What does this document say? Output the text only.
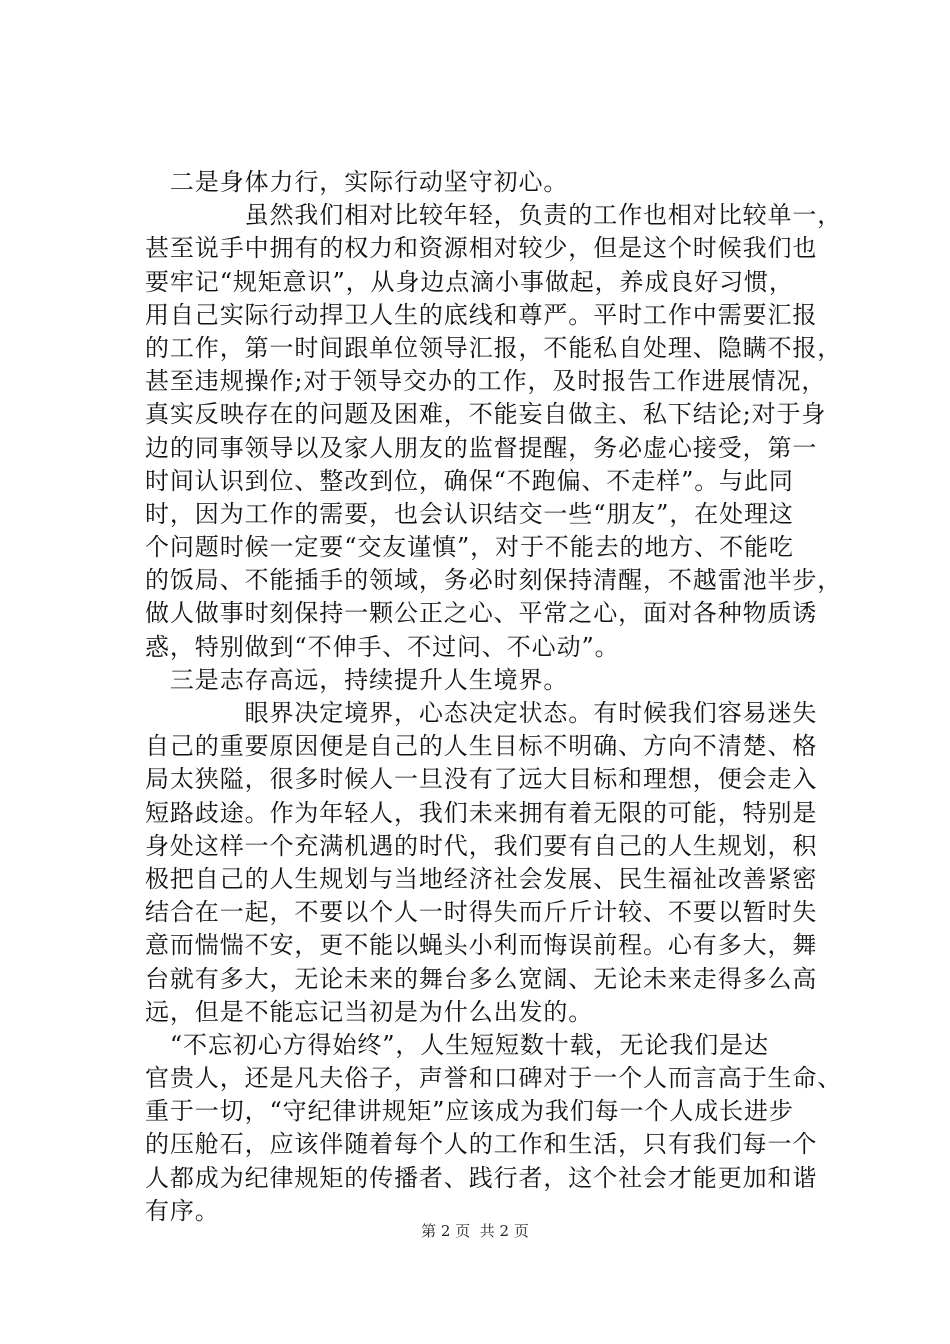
二是身体力行，实际行动坚守初心。
虽然我们相对比较年轻，负责的工作也相对比较单一，
甚至说手中拥有的权力和资源相对较少，但是这个时候我们也
要牢记“规矩意识”，从身边点滴小事做起，养成良好习惯，
用自己实际行动捍卫人生的底线和尊严。平时工作中需要汇报
的工作，第一时间跟单位领导汇报，不能私自处理、隐瞒不报，
甚至违规操作;对于领导交办的工作，及时报告工作进展情况，
真实反映存在的问题及困难，不能妄自做主、私下结论;对于身
边的同事领导以及家人朋友的监督提醒，务必虚心接受，第一
时间认识到位、整改到位，确保“不跑偏、不走样”。与此同
时，因为工作的需要，也会认识结交一些“朋友”，在处理这
个问题时候一定要“交友谨慎”，对于不能去的地方、不能吃
的饭局、不能插手的领域，务必时刻保持清醒，不越雷池半步，
做人做事时刻保持一颗公正之心、平常之心，面对各种物质诱
惑，特别做到“不伸手、不过问、不心动”。
三是志存高远，持续提升人生境界。
眼界决定境界，心态决定状态。有时候我们容易迷失
自己的重要原因便是自己的人生目标不明确、方向不清楚、格
局太狭隘，很多时候人一旦没有了远大目标和理想，便会走入
短路歧途。作为年轻人，我们未来拥有着无限的可能，特别是
身处这样一个充满机遇的时代，我们要有自己的人生规划，积
极把自己的人生规划与当地经济社会发展、民生福祉改善紧密
结合在一起，不要以个人一时得失而斤斤计较、不要以暂时失
意而惴惴不安，更不能以蝇头小利而悔误前程。心有多大，舞
台就有多大，无论未来的舞台多么宽阔、无论未来走得多么高
远，但是不能忘记当初是为什么出发的。
“不忘初心方得始终”，人生短短数十载，无论我们是达
官贵人，还是凡夫俗子，声誉和口碑对于一个人而言高于生命、
重于一切，“守纪律讲规矩”应该成为我们每一个人成长进步
的压舱石，应该伴随着每个人的工作和生活，只有我们每一个
人都成为纪律规矩的传播者、践行者，这个社会才能更加和谐
有序。
第 2 页  共 2 页
